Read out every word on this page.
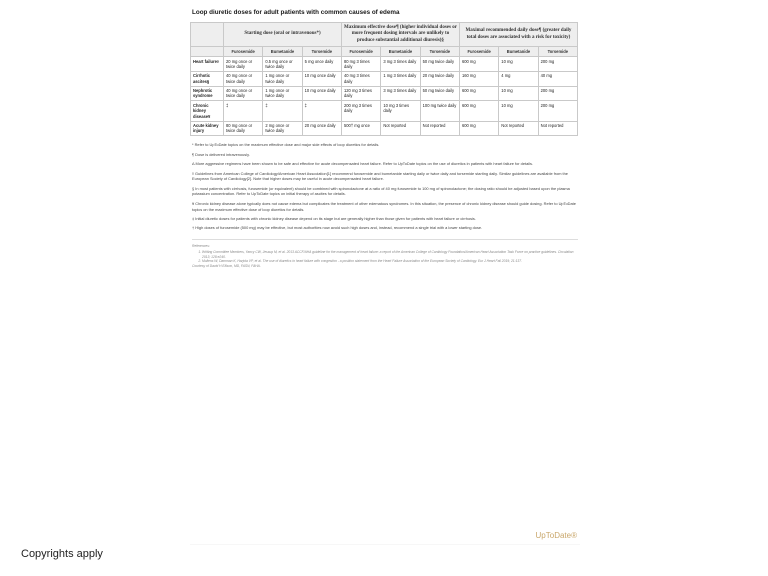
Loop diuretic doses for adult patients with common causes of edema
	Starting dose (oral or intravenous*)			Maximum effective dose¶ (higher individual doses or more frequent dosing intervals are unlikely to produce substantial additional diuresis)§			Maximal recommended daily dose¶ (greater daily total doses are associated with a risk for toxicity)		
	Furosemide	Bumetanide	Torsemide	Furosemide	Bumetanide	Torsemide	Furosemide	Bumetanide	Torsemide
Heart failure◊	20 mg once or twice daily	0.5 mg once or twice daily	5 mg once daily	80 mg 3 times daily	3 mg 3 times daily	50 mg twice daily	600 mg	10 mg	200 mg
Cirrhotic ascites§	40 mg once or twice daily	1 mg once or twice daily	10 mg once daily	40 mg 3 times daily	1 mg 3 times daily	20 mg twice daily	160 mg	4 mg	40 mg
Nephrotic syndrome	40 mg once or twice daily	1 mg once or twice daily	10 mg once daily	120 mg 3 times daily	3 mg 3 times daily	50 mg twice daily	600 mg	10 mg	200 mg
Chronic kidney disease¥	‡	‡	‡	200 mg 3 times daily	10 mg 3 times daily	100 mg twice daily	600 mg	10 mg	200 mg
Acute kidney injury	80 mg once or twice daily	2 mg once or twice daily	20 mg once daily	500† mg once	Not reported	Not reported	600 mg	Not reported	Not reported

* Refer to UpToDate topics on the maximum effective dose and major side effects of loop diuretics for details.

¶ Dose is delivered intravenously.

Δ More aggressive regimens have been shown to be safe and effective for acute decompensated heart failure. Refer to UpToDate topics on the use of diuretics in patients with heart failure for details.

◊ Guidelines from American College of Cardiology/American Heart Association[1] recommend furosemide and bumetanide starting daily or twice daily and torsemide starting daily. Similar guidelines are available from the European Society of Cardiology[2]. Note that higher doses may be useful in acute decompensated heart failure.

§ In most patients with cirrhosis, furosemide (or equivalent) should be combined with spironolactone at a ratio of 40 mg furosemide to 100 mg of spironolactone; the dosing ratio should be adjusted based upon the plasma potassium concentration. Refer to UpToDate topics on initial therapy of ascites for details.

¥ Chronic kidney disease alone typically does not cause edema but complicates the treatment of other edematous syndromes. In this situation, the presence of chronic kidney disease should guide dosing. Refer to UpToDate topics on the maximum effective dose of loop diuretics for details.

‡ Initial diuretic doses for patients with chronic kidney disease depend on its stage but are generally higher than those given for patients with heart failure or cirrhosis.

† High doses of furosemide (500 mg) may be effective, but most authorities now avoid such high doses and, instead, recommend a single trial with a lower starting dose.

References:
1. Writing Committee Members, Yancy CW, Jessup M, et al. 2013 ACCF/AHA guideline for the management of heart failure: a report of the American College of Cardiology Foundation/American Heart Association Task Force on practice guidelines. Circulation 2013; 128:e240.
2. Mullens W, Damman K, Harjola VP, et al. The use of diuretics in heart failure with congestion - a position statement from the Heart Failure Association of the European Society of Cardiology. Eur J Heart Fail 2019; 21:137.
Courtesy of David H Ellison, MD, FASN, FAHA.
UpToDate®
Copyrights apply
